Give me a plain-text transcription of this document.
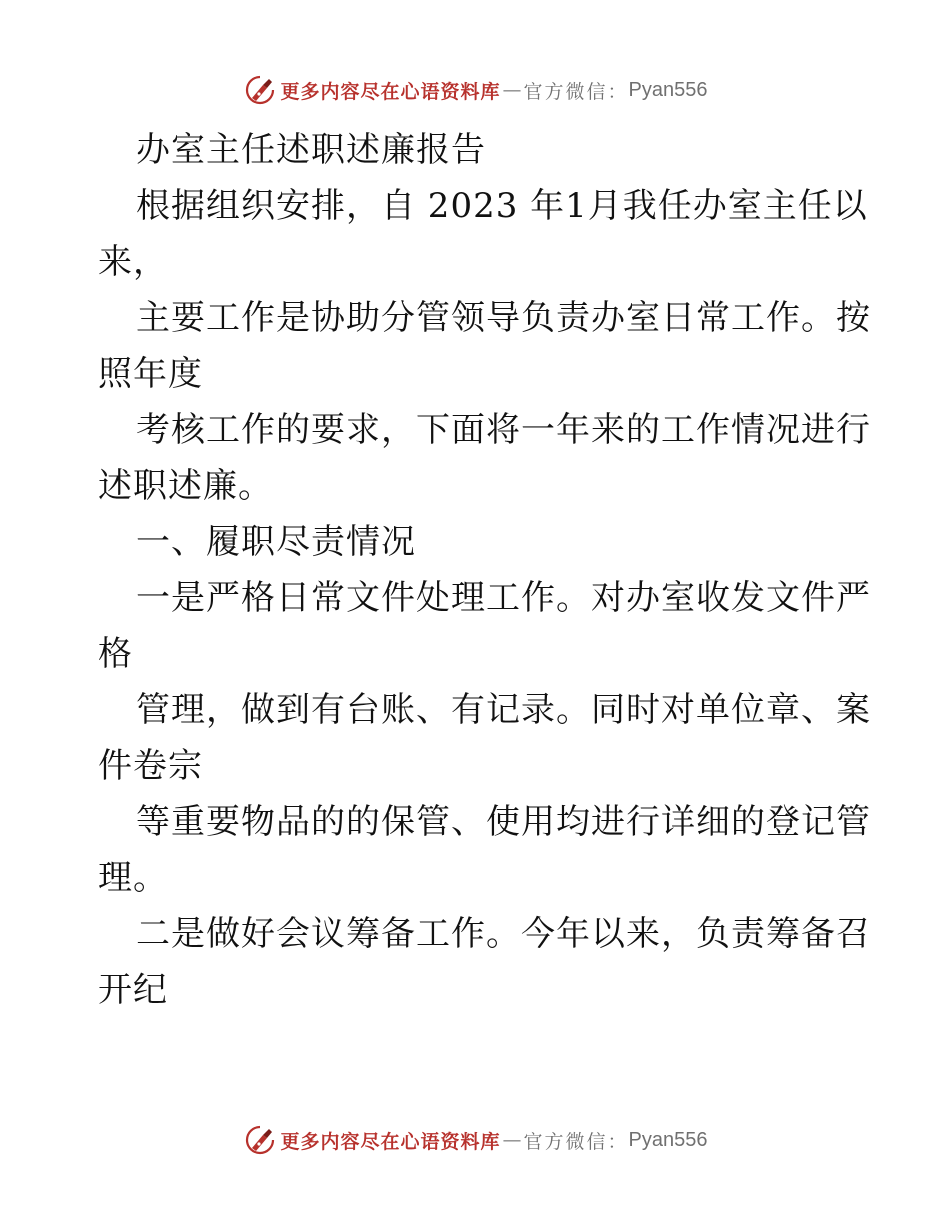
更多内容尽在心语资料库 — 官方微信： Pyan556
办室主任述职述廉报告
根据组织安排，自 2023 年1月我任办室主任以
来，
主要工作是协助分管领导负责办室日常工作。按
照年度
考核工作的要求，下面将一年来的工作情况进行
述职述廉。
一、履职尽责情况
一是严格日常文件处理工作。对办室收发文件严
格
管理，做到有台账、有记录。同时对单位章、案
件卷宗
等重要物品的的保管、使用均进行详细的登记管
理。
二是做好会议筹备工作。今年以来，负责筹备召
开纪
更多内容尽在心语资料库 — 官方微信： Pyan556
